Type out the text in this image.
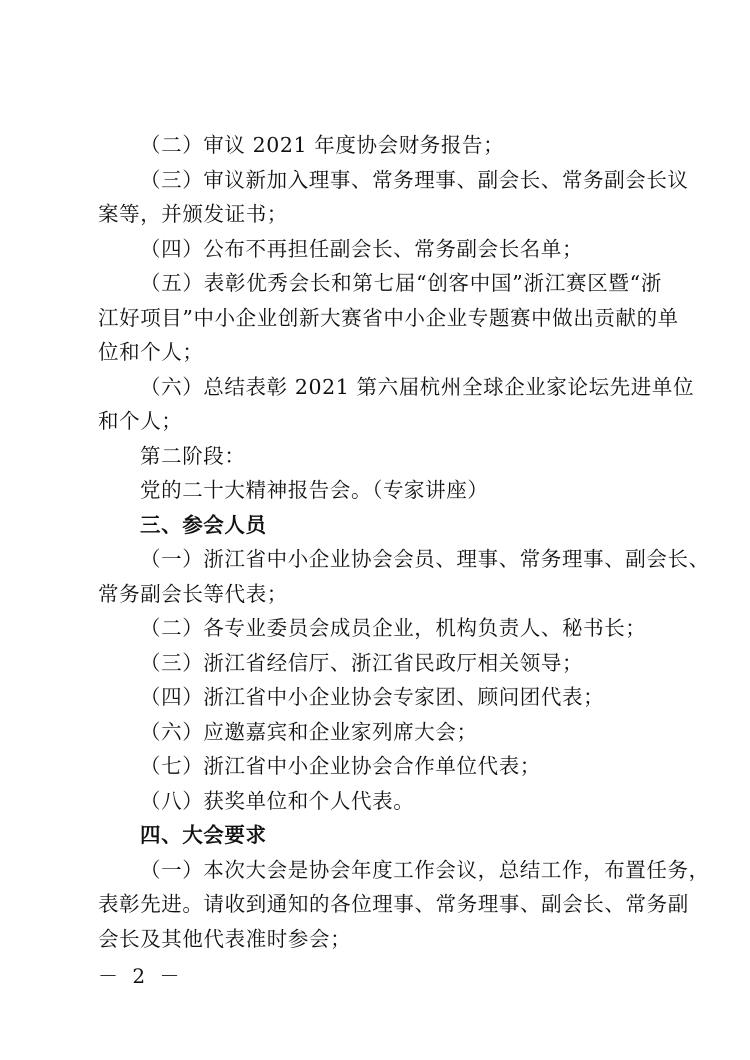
（二）审议 2021 年度协会财务报告；
（三）审议新加入理事、常务理事、副会长、常务副会长议
案等，并颁发证书；
（四）公布不再担任副会长、常务副会长名单；
（五）表彰优秀会长和第七届“创客中国”浙江赛区暨“浙
江好项目”中小企业创新大赛省中小企业专题赛中做出贡献的单
位和个人；
（六）总结表彰 2021 第六届杭州全球企业家论坛先进单位
和个人；
第二阶段：
党的二十大精神报告会。（专家讲座）
三、参会人员
（一）浙江省中小企业协会会员、理事、常务理事、副会长、
常务副会长等代表；
（二）各专业委员会成员企业，机构负责人、秘书长；
（三）浙江省经信厅、浙江省民政厅相关领导；
（四）浙江省中小企业协会专家团、顾问团代表；
（六）应邀嘉宾和企业家列席大会；
（七）浙江省中小企业协会合作单位代表；
（八）获奖单位和个人代表。
四、大会要求
（一）本次大会是协会年度工作会议，总结工作，布置任务，
表彰先进。请收到通知的各位理事、常务理事、副会长、常务副
会长及其他代表准时参会；
－ 2 －
